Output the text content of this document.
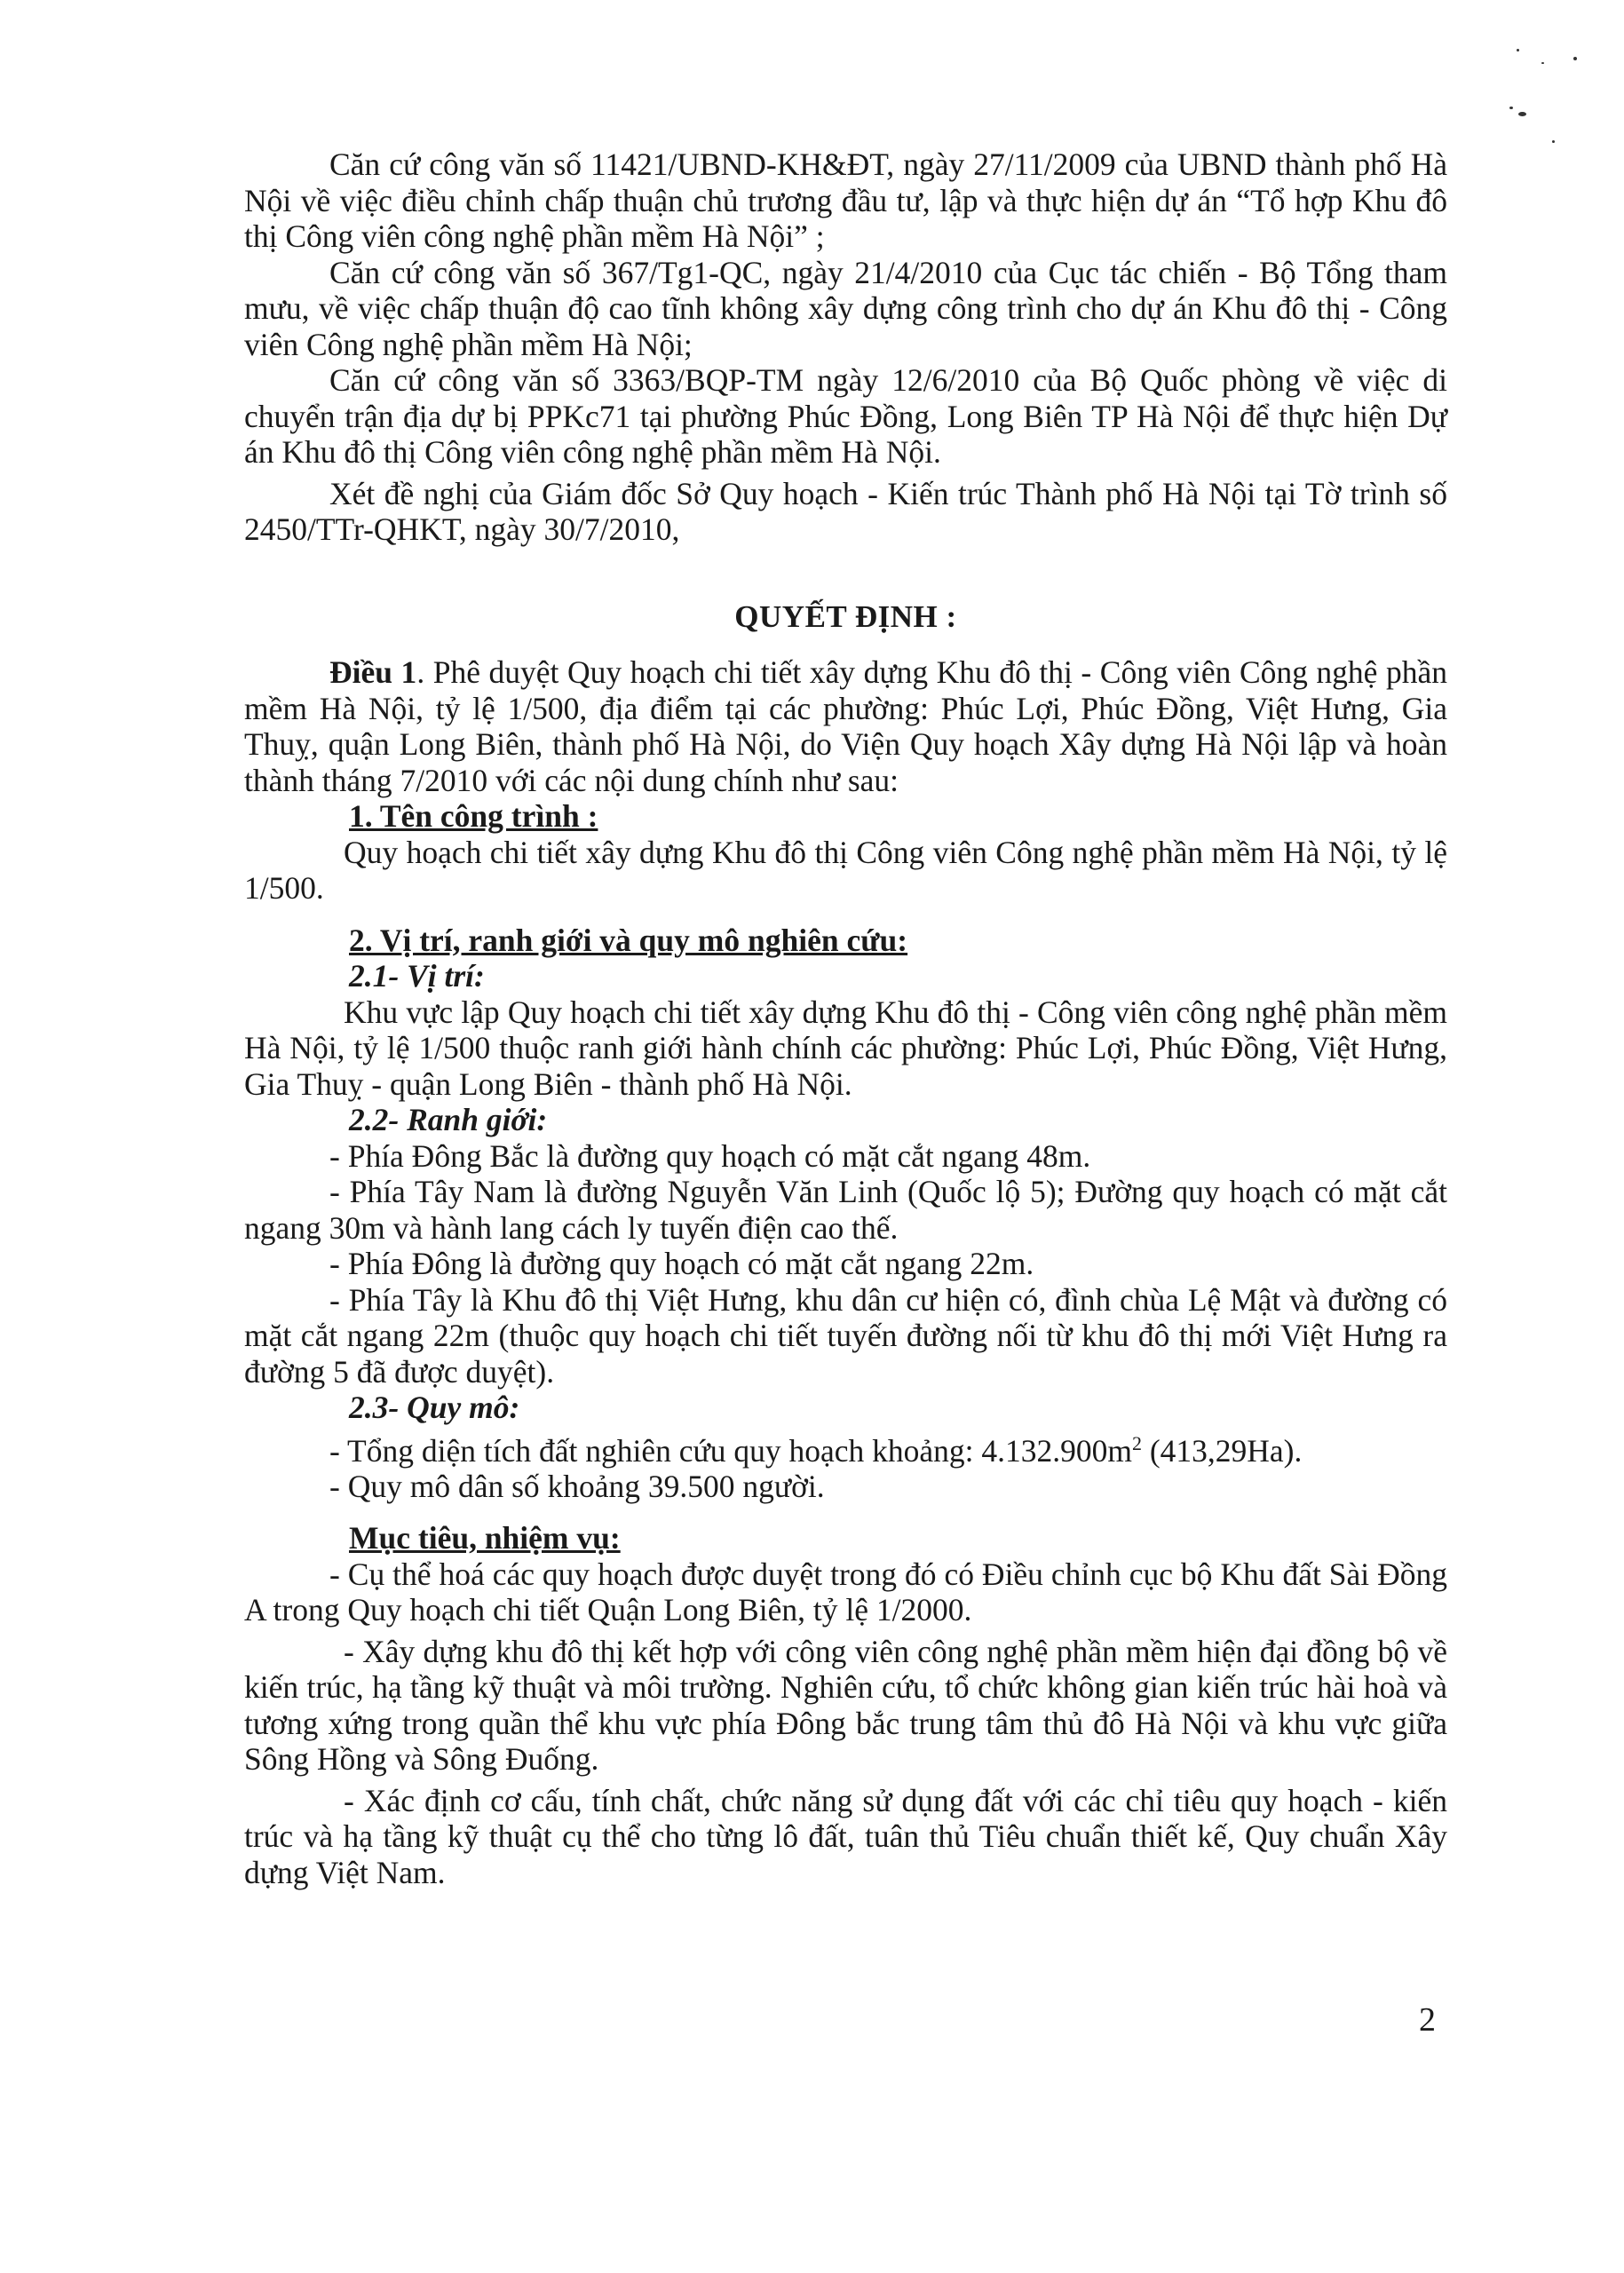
Căn cứ công văn số 11421/UBND-KH&ĐT, ngày 27/11/2009 của UBND thành phố Hà Nội về việc điều chỉnh chấp thuận chủ trương đầu tư, lập và thực hiện dự án “Tổ hợp Khu đô thị Công viên công nghệ phần mềm Hà Nội” ;

Căn cứ công văn số 367/Tg1-QC, ngày 21/4/2010 của Cục tác chiến - Bộ Tổng tham mưu, về việc chấp thuận độ cao tĩnh không xây dựng công trình cho dự án Khu đô thị - Công viên Công nghệ phần mềm Hà Nội;

Căn cứ công văn số 3363/BQP-TM ngày 12/6/2010 của Bộ Quốc phòng về việc di chuyển trận địa dự bị PPKc71 tại phường Phúc Đồng, Long Biên TP Hà Nội để thực hiện Dự án Khu đô thị Công viên công nghệ phần mềm Hà Nội.

Xét đề nghị của Giám đốc Sở Quy hoạch - Kiến trúc Thành phố Hà Nội tại Tờ trình số 2450/TTr-QHKT, ngày 30/7/2010,

QUYẾT ĐỊNH :

Điều 1. Phê duyệt Quy hoạch chi tiết xây dựng Khu đô thị - Công viên Công nghệ phần mềm Hà Nội, tỷ lệ 1/500, địa điểm tại các phường: Phúc Lợi, Phúc Đồng, Việt Hưng, Gia Thuỵ, quận Long Biên, thành phố Hà Nội, do Viện Quy hoạch Xây dựng Hà Nội lập và hoàn thành tháng 7/2010 với các nội dung chính như sau:

1. Tên công trình :

Quy hoạch chi tiết xây dựng Khu đô thị Công viên Công nghệ phần mềm Hà Nội, tỷ lệ 1/500.

2. Vị trí, ranh giới và quy mô nghiên cứu:

2.1- Vị trí:

Khu vực lập Quy hoạch chi tiết xây dựng Khu đô thị - Công viên công nghệ phần mềm Hà Nội, tỷ lệ 1/500 thuộc ranh giới hành chính các phường: Phúc Lợi, Phúc Đồng, Việt Hưng, Gia Thuỵ - quận Long Biên - thành phố Hà Nội.

2.2- Ranh giới:

- Phía Đông Bắc là đường quy hoạch có mặt cắt ngang 48m.

- Phía Tây Nam là đường Nguyễn Văn Linh (Quốc lộ 5); Đường quy hoạch có mặt cắt ngang 30m và hành lang cách ly tuyến điện cao thế.

- Phía Đông là đường quy hoạch có mặt cắt ngang 22m.

- Phía Tây là Khu đô thị Việt Hưng, khu dân cư hiện có, đình chùa Lệ Mật và đường có mặt cắt ngang 22m (thuộc quy hoạch chi tiết tuyến đường nối từ khu đô thị mới Việt Hưng ra đường 5 đã được duyệt).

2.3- Quy mô:

- Tổng diện tích đất nghiên cứu quy hoạch khoảng: $4.132.900m^2$ (413,29Ha).

- Quy mô dân số khoảng 39.500 người.

Mục tiêu, nhiệm vụ:

- Cụ thể hoá các quy hoạch được duyệt trong đó có Điều chỉnh cục bộ Khu đất Sài Đồng A trong Quy hoạch chi tiết Quận Long Biên, tỷ lệ 1/2000.

- Xây dựng khu đô thị kết hợp với công viên công nghệ phần mềm hiện đại đồng bộ về kiến trúc, hạ tầng kỹ thuật và môi trường. Nghiên cứu, tổ chức không gian kiến trúc hài hoà và tương xứng trong quần thể khu vực phía Đông bắc trung tâm thủ đô Hà Nội và khu vực giữa Sông Hồng và Sông Đuống.

- Xác định cơ cấu, tính chất, chức năng sử dụng đất với các chỉ tiêu quy hoạch - kiến trúc và hạ tầng kỹ thuật cụ thể cho từng lô đất, tuân thủ Tiêu chuẩn thiết kế, Quy chuẩn Xây dựng Việt Nam.

2
